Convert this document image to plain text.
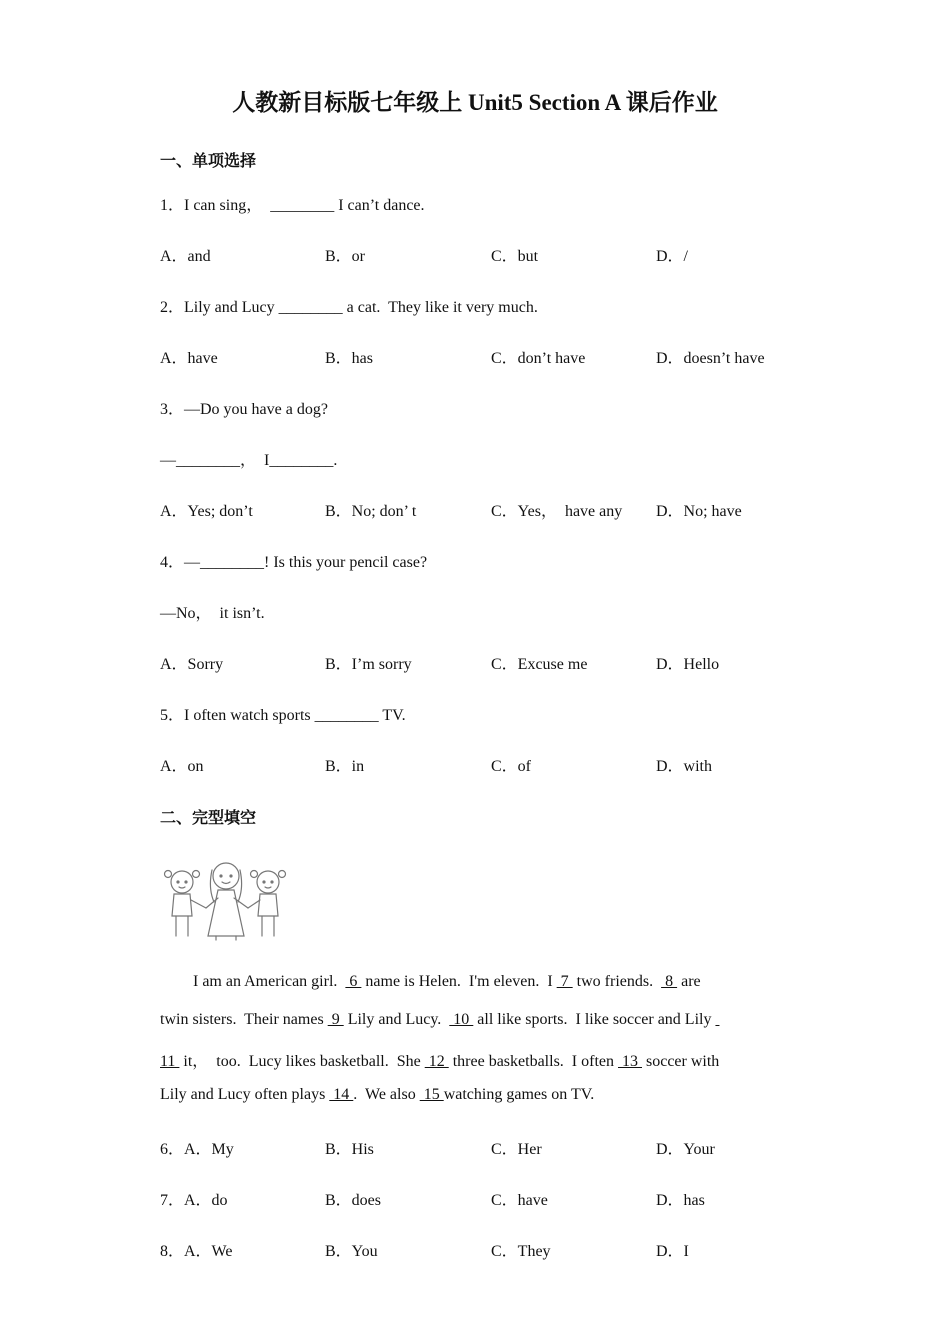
人教新目标版七年级上 Unit5 Section A 课后作业
一、单项选择
1．I can sing，  ________ I can’t dance.
A．and	B．or	C．but	D．/
2．Lily and Lucy ________ a cat.  They like it very much.
A．have	B．has	C．don’t have	D．doesn’t have
3．—Do you have a dog?
—________，  I________.
A．Yes; don’t	B．No; don’ t	C．Yes，  have any D．No; have
4．—________! Is this your pencil case?
—No，  it isn’t.
A．Sorry	B．I’m sorry	C．Excuse me	D．Hello
5．I often watch sports ________ TV.
A．on	B．in	C．of	D．with
二、完型填空
I am an American girl.   6  name is Helen.  I'm eleven.  I  7  two friends.   8  are
twin sisters.  Their names  9  Lily and Lucy.   10  all like sports.  I like soccer and Lily
11  it，  too.  Lucy likes basketball.  She  12  three basketballs.  I often  13  soccer with
Lily and Lucy often plays  14 .  We also  15 watching games on TV.
6．A．My	B．His	C．Her	D．Your
7．A．do	B．does	C．have	D．has
8．A．We	B．You	C．They	D．I
